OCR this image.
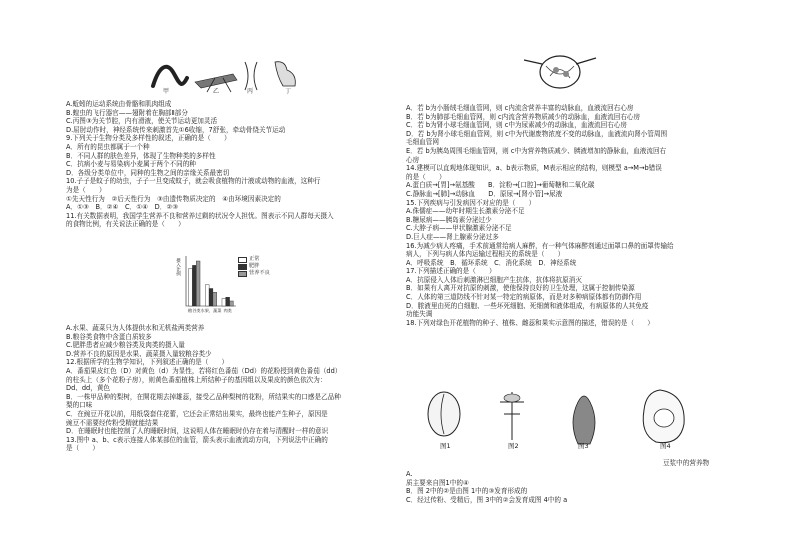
甲	乙	丙	丁
A.蚯蚓的运动系统由骨骼和肌肉组成
B.蝗虫的飞行器官——翅附着在胸部Ⅱ部分
C.丙图③为关节腔，内有滑液，使关节运动更加灵活
D.屈肘动作时，神经系统传来刺激首先①6收缩，7舒张，牵动骨绕关节运动
9.下列关于生物分类及多样性的叙述，正确的是（　　）
A．所有的昆虫都属于一个种
B．不同人群的肤色差异，体现了生物种类的多样性
C．抗病小麦与易染病小麦属于两个不同的种
D．各级分类单位中，同种的生物之间的亲缘关系最密切
10.子子是蚊子的幼虫，子子一旦变成蚊子，就会吸食植物的汁液或动物的血液，这种行
为是（　　）
①先天性行为　②后天性行为　③由遗传物质决定的　④由环境因素决定的
A．①③　B．②④　C．①④　D．②③
11.有关数据表明，我国学生营养不良和营养过剩的状况令人担忧。图表示不同人群每天摄入
的食物比例，有关说法正确的是（　　）
摄入比例
粮谷类 水果、蔬菜 肉类
正常
肥胖
营养不良
A.水果、蔬菜只为人体提供水和无机盐两类营养
B.粮谷类食物中含蛋白质较多
C.肥胖患者应减少粮谷类及肉类的摄入量
D.营养不良的原因是水果、蔬菜摄入量较粮谷类少
12.根据所学的生物学知识，下列叙述正确的是（　　）
A．番茄果皮红色（D）对黄色（d）为显性，若将红色番茄（Dd）的花粉授到黄色番茄（dd）
的柱头上（多个花粉子房），则黄色番茄植株上所结种子的基因组以及果皮的颜色依次为：
Dd、dd，黄色
B．一株甲品种的梨树，在開花期去掉雄蕊，接受乙品种梨树的花粉，所结果实的口感是乙品种
梨的口味
C．在豌豆开花以前，用纸袋套住花蕾，它还会正常结出果实，最终也能产生种子，原因是
豌豆不需要经传粉受精就能结果
D．在睡眠时也能控制了人的睡眠时间，这说明人体在睡眠时仍存在着与清醒时一样的意识
13.图中 a、b、c表示连接人体某部位的血管，箭头表示血液流动方向，下列说法中正确的
是（　　）
A．若 b为小肠绒毛细血管网，则 c内流含营养丰富的动脉血，血液流回右心房
B．若 b为肺部毛细血管网，则 c内流含营养物质减少的动脉血，血液流回右心房
C．若 b为肾小球毛细血管网，则 c中为尿素减少的动脉血，血液流回右心房
D．若 b为肾小球毛细血管网，则 c中为代谢废物浓度不变的动脉血，血液流向肾小管周围
毛细血管网
E．若 b为胰岛周围毛细血管网，则 c中为营养物质减少、胰液增加的静脉血，血液流回右
心房
14.建模可以直观地体现知识，a、b表示物质，M表示相应的结构，则模型 a→M→b错误
的是（　　）
A.蛋白质→[胃]→氨基酸　　B．淀粉→[口腔]→葡萄糖和二氧化碳
C.静脉血→[肺]→动脉血　　D．原尿→[肾小管]→尿液
15.下列疾病与引发病因不对应的是（　　）
A.侏儒症——幼年时期生长激素分泌不足
B.糖尿病——胰岛素分泌过少
C.大脖子病——甲状腺激素分泌不足
D.巨人症——肾上腺素分泌过多
16.为减少病人疼痛，手术前通常给病人麻醉，有一种气体麻醉剂通过面罩口鼻的面罩传输给
病人，下列与病人体内运输过程相关的系统是（　　）
A．呼吸系统　B．循环系统　C．消化系统　D．神经系统
17.下列描述正确的是（　　）
A．抗原侵入人体后刺激淋巴细胞产生抗体，抗体将抗原消灭
B．如果有人离开对抗原的刺激，使他保持良好的卫生处理，这属于控制传染源
C．人体的第三道防线不针对某一特定的病原体，而是对多种病原体都有防御作用
D．脓液里由死的白细胞、一些坏死细胞、死细菌和液体组成，有病原体的人其免疫
功能失调
18.下列对绿色开花植物的种子、植株、雌蕊和果实示意图的描述，错误的是（　　）
图1	图2	图3	图4
豆浆中的营养物
A.
质主要来自图1中的④
B．图 2中的②是由图 1中的③发育形成的
C．经过传粉、受精后，图 3中的②会发育成图 4中的 a
